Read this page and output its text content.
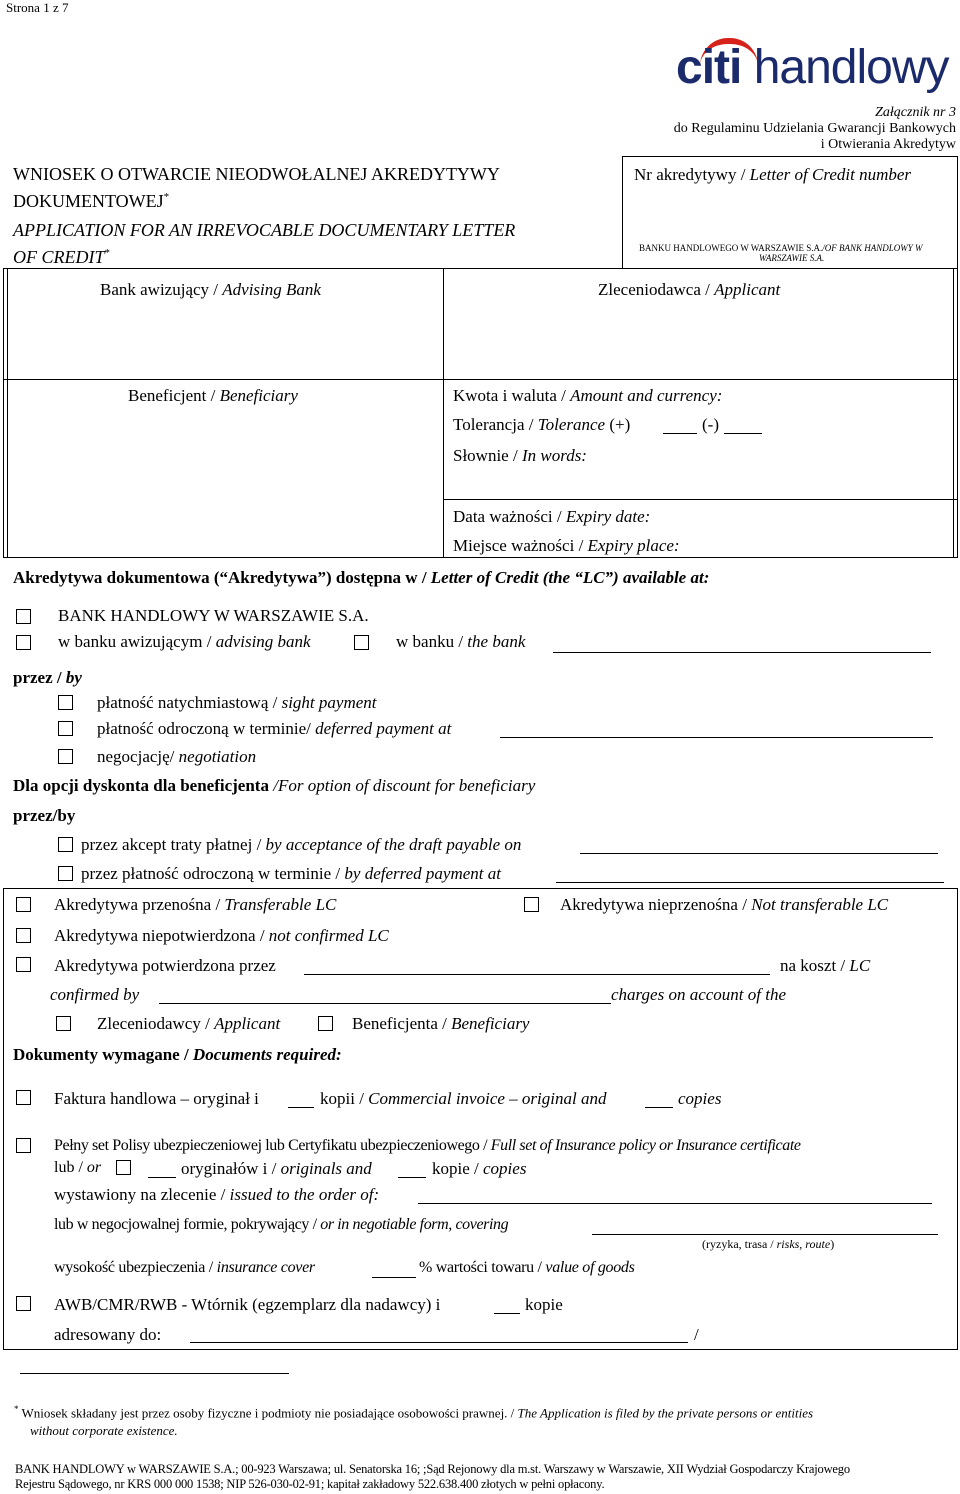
Strona 1 z 7
citi handlowy
Załącznik nr 3
do Regulaminu Udzielania Gwarancji Bankowych
i Otwierania Akredytyw
WNIOSEK O OTWARCIE NIEODWOŁALNEJ AKREDYTYWY
DOKUMENTOWEJ*
APPLICATION FOR AN IRREVOCABLE DOCUMENTARY LETTER
OF CREDIT*
Nr akredytywy / Letter of Credit number
BANKU HANDLOWEGO W WARSZAWIE S.A./OF BANK HANDLOWY W
WARSZAWIE S.A.
Bank awizujący / Advising Bank	Zleceniodawca / Applicant
Beneficjent / Beneficiary	Kwota i waluta / Amount and currency:
Tolerancja / Tolerance (+)	(-)
Słownie / In words:
Data ważności / Expiry date:
Miejsce ważności / Expiry place:
Akredytywa dokumentowa (“Akredytywa”) dostępna w / Letter of Credit (the “LC”) available at:
BANK HANDLOWY W WARSZAWIE S.A.
w banku awizującym / advising bank	w banku / the bank
przez / by
płatność natychmiastową / sight payment
płatność odroczoną w terminie/ deferred payment at
negocjację/ negotiation
Dla opcji dyskonta dla beneficjenta /For option of discount for beneficiary
przez/by
przez akcept traty płatnej / by acceptance of the draft payable on
przez płatność odroczoną w terminie / by deferred payment at
Akredytywa przenośna / Transferable LC	Akredytywa nieprzenośna / Not transferable LC
Akredytywa niepotwierdzona / not confirmed LC
Akredytywa potwierdzona przez	na koszt / LC
confirmed by	charges on account of the
Zleceniodawcy / Applicant	Beneficjenta / Beneficiary
Dokumenty wymagane / Documents required:
Faktura handlowa – oryginał i	kopii / Commercial invoice – original and	copies
Pełny set Polisy ubezpieczeniowej lub Certyfikatu ubezpieczeniowego / Full set of Insurance policy or Insurance certificate
lub / or	oryginałów i / originals and	kopie / copies
wystawiony na zlecenie / issued to the order of:
lub w negocjowalnej formie, pokrywający / or in negotiable form, covering
(ryzyka, trasa / risks, route)
wysokość ubezpieczenia / insurance cover	% wartości towaru / value of goods
AWB/CMR/RWB - Wtórnik (egzemplarz dla nadawcy) i	kopie
adresowany do:	/
* Wniosek składany jest przez osoby fizyczne i podmioty nie posiadające osobowości prawnej. / The Application is filed by the private persons or entities
without corporate existence.
BANK HANDLOWY w WARSZAWIE S.A.; 00-923 Warszawa; ul. Senatorska 16; ;Sąd Rejonowy dla m.st. Warszawy w Warszawie, XII Wydział Gospodarczy Krajowego
Rejestru Sądowego, nr KRS 000 000 1538; NIP 526-030-02-91; kapitał zakładowy 522.638.400 złotych w pełni opłacony.
